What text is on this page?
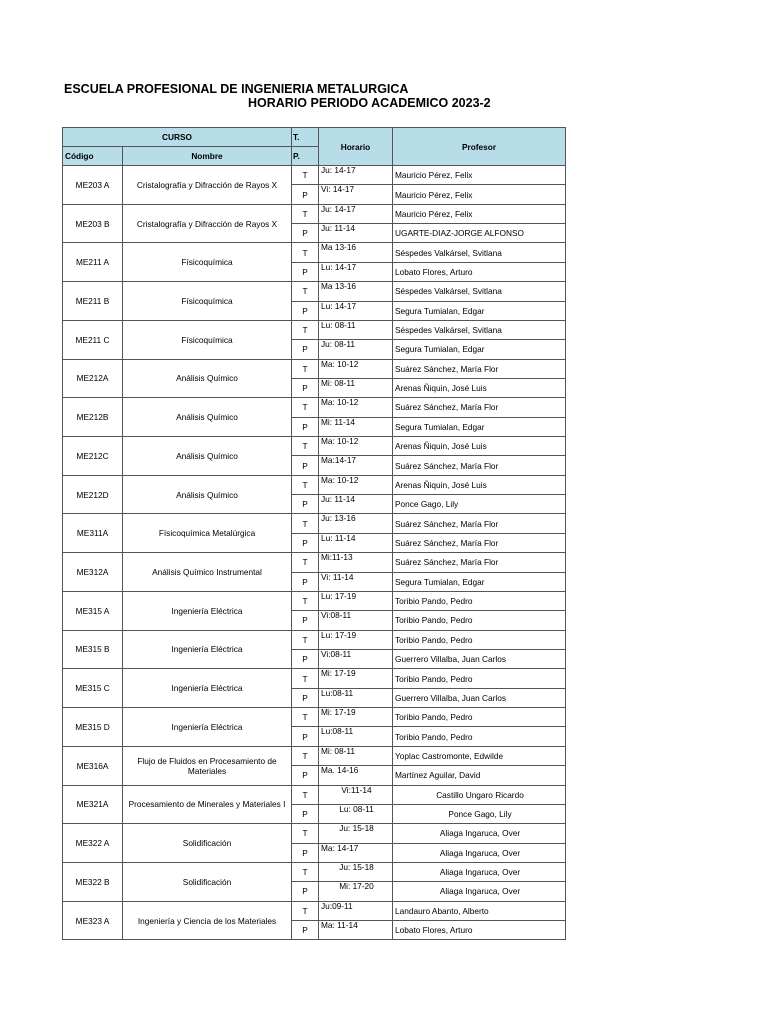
ESCUELA PROFESIONAL DE INGENIERIA METALURGICA
HORARIO PERIODO ACADEMICO 2023-2
CURSO		T.	Horario	Profesor
Código	Nombre	P.		
ME203 A	Cristalografía y Difracción de Rayos X	T	Ju: 14-17	Mauricio Pérez, Felix
		P	Vi: 14-17	Mauricio Pérez, Felix
ME203 B	Cristalografía y Difracción de Rayos X	T	Ju: 14-17	Mauricio Pérez, Felix
		P	Ju: 11-14	UGARTE-DIAZ-JORGE ALFONSO
ME211 A	Físicoquímica	T	Ma 13-16	Séspedes Valkársel, Svitlana
		P	Lu: 14-17	Lobato Flores, Arturo
ME211 B	Físicoquímica	T	Ma 13-16	Séspedes Valkársel, Svitlana
		P	Lu: 14-17	Segura Tumialan, Edgar
ME211 C	Físicoquímica	T	Lu: 08-11	Séspedes Valkársel, Svitlana
		P	Ju: 08-11	Segura Tumialan, Edgar
ME212A	Análisis Químico	T	Ma: 10-12	Suárez Sánchez, María Flor
		P	Mi: 08-11	Arenas Ñiquin, José Luis
ME212B	Análisis Químico	T	Ma: 10-12	Suárez Sánchez, María Flor
		P	Mi: 11-14	Segura Tumialan, Edgar
ME212C	Análisis Químico	T	Ma: 10-12	Arenas Ñiquin, José Luis
		P	Ma:14-17	Suárez Sánchez, María Flor
ME212D	Análisis Químico	T	Ma: 10-12	Arenas Ñiquin, José Luis
		P	Ju: 11-14	Ponce Gago, Lily
ME311A	Físicoquímica Metalúrgica	T	Ju: 13-16	Suárez Sánchez, María Flor
		P	Lu: 11-14	Suárez Sánchez, María Flor
ME312A	Análisis Químico Instrumental	T	Mi:11-13	Suárez Sánchez, María Flor
		P	Vi: 11-14	Segura Tumialan, Edgar
ME315 A	Ingeniería Eléctrica	T	Lu: 17-19	Toribio Pando, Pedro
		P	Vi:08-11	Toribio Pando, Pedro
ME315 B	Ingeniería Eléctrica	T	Lu: 17-19	Toribio Pando, Pedro
		P	Vi:08-11	Guerrero Villalba, Juan Carlos
ME315 C	Ingeniería Eléctrica	T	Mi: 17-19	Toribio Pando, Pedro
		P	Lu:08-11	Guerrero Villalba, Juan Carlos
ME315 D	Ingeniería Eléctrica	T	Mi: 17-19	Toribio Pando, Pedro
		P	Lu:08-11	Toribio Pando, Pedro
ME316A	Flujo de Fluidos en Procesamiento de Materiales	T	Mi: 08-11	Yoplac Castromonte, Edwilde
		P	Ma. 14-16	Martínez Aguilar, David
ME321A	Procesamiento de Minerales y Materiales I	T	Vi:11-14	Castillo Ungaro Ricardo
		P	Lu: 08-11	Ponce Gago, Lily
ME322 A	Solidificación	T	Ju: 15-18	Aliaga Ingaruca, Over
		P	Ma: 14-17	Aliaga Ingaruca, Over
ME322 B	Solidificación	T	Ju: 15-18	Aliaga Ingaruca, Over
		P	Mi: 17-20	Aliaga Ingaruca, Over
ME323 A	Ingeniería y Ciencia de los Materiales	T	Ju:09-11	Landauro Abanto, Alberto
		P	Ma: 11-14	Lobato Flores, Arturo
